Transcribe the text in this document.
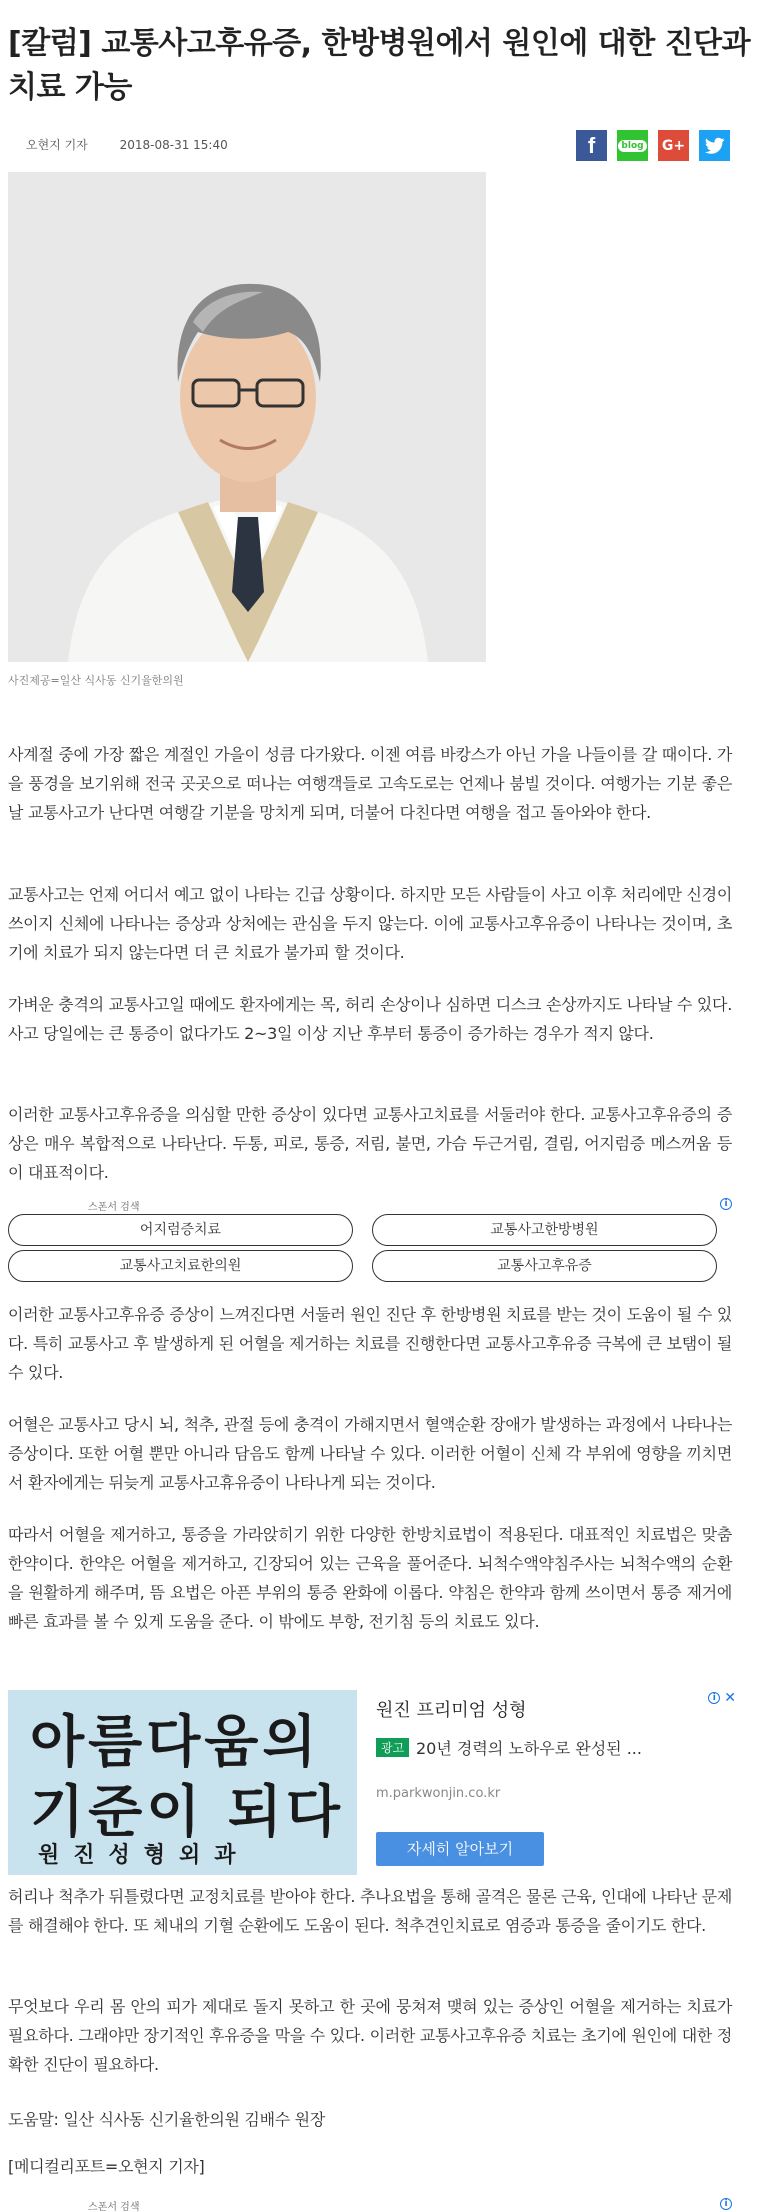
[칼럼] 교통사고후유증, 한방병원에서 원인에 대한 진단과 치료 가능
오현지 기자	2018-08-31 15:40	f	blog G+
사진제공=일산 식사동 신기율한의원

사계절 중에 가장 짧은 계절인 가을이 성큼 다가왔다. 이젠 여름 바캉스가 아닌 가을 나들이를 갈 때이다. 가을 풍경을 보기위해 전국 곳곳으로 떠나는 여행객들로 고속도로는 언제나 붐빌 것이다. 여행가는 기분 좋은날 교통사고가 난다면 여행갈 기분을 망치게 되며, 더불어 다친다면 여행을 접고 돌아와야 한다.

교통사고는 언제 어디서 예고 없이 나타는 긴급 상황이다. 하지만 모든 사람들이 사고 이후 처리에만 신경이 쓰이지 신체에 나타나는 증상과 상처에는 관심을 두지 않는다. 이에 교통사고후유증이 나타나는 것이며, 초기에 치료가 되지 않는다면 더 큰 치료가 불가피 할 것이다.

가벼운 충격의 교통사고일 때에도 환자에게는 목, 허리 손상이나 심하면 디스크 손상까지도 나타날 수 있다. 사고 당일에는 큰 통증이 없다가도 2~3일 이상 지난 후부터 통증이 증가하는 경우가 적지 않다.

이러한 교통사고후유증을 의심할 만한 증상이 있다면 교통사고치료를 서둘러야 한다. 교통사고후유증의 증상은 매우 복합적으로 나타난다. 두통, 피로, 통증, 저림, 불면, 가슴 두근거림, 결림, 어지럼증 메스꺼움 등이 대표적이다.

스폰서 검색	i
어지럼증치료	교통사고한방병원
교통사고치료한의원	교통사고후유증

이러한 교통사고후유증 증상이 느껴진다면 서둘러 원인 진단 후 한방병원 치료를 받는 것이 도움이 될 수 있다. 특히 교통사고 후 발생하게 된 어혈을 제거하는 치료를 진행한다면 교통사고후유증 극복에 큰 보탬이 될 수 있다.

어혈은 교통사고 당시 뇌, 척추, 관절 등에 충격이 가해지면서 혈액순환 장애가 발생하는 과정에서 나타나는 증상이다. 또한 어혈 뿐만 아니라 담음도 함께 나타날 수 있다. 이러한 어혈이 신체 각 부위에 영향을 끼치면서 환자에게는 뒤늦게 교통사고휴유증이 나타나게 되는 것이다.

따라서 어혈을 제거하고, 통증을 가라앉히기 위한 다양한 한방치료법이 적용된다. 대표적인 치료법은 맞춤 한약이다. 한약은 어혈을 제거하고, 긴장되어 있는 근육을 풀어준다. 뇌척수액약침주사는 뇌척수액의 순환을 원활하게 해주며, 뜸 요법은 아픈 부위의 통증 완화에 이롭다. 약침은 한약과 함께 쓰이면서 통증 제거에 빠른 효과를 볼 수 있게 도움을 준다. 이 밖에도 부항, 전기침 등의 치료도 있다.

아름다움의
기준이 되다
원진성형외과
원진 프리미엄 성형
광고 20년 경력의 노하우로 완성된 ...
m.parkwonjin.co.kr
자세히 알아보기
i ✕

허리나 척추가 뒤틀렸다면 교정치료를 받아야 한다. 추나요법을 통해 골격은 물론 근육, 인대에 나타난 문제를 해결해야 한다. 또 체내의 기혈 순환에도 도움이 된다. 척추견인치료로 염증과 통증을 줄이기도 한다.

무엇보다 우리 몸 안의 피가 제대로 돌지 못하고 한 곳에 뭉쳐져 맺혀 있는 증상인 어혈을 제거하는 치료가 필요하다. 그래야만 장기적인 후유증을 막을 수 있다. 이러한 교통사고후유증 치료는 초기에 원인에 대한 정확한 진단이 필요하다.

도움말: 일산 식사동 신기율한의원 김배수 원장

[메디컬리포트=오현지 기자]

스폰서 검색	i
